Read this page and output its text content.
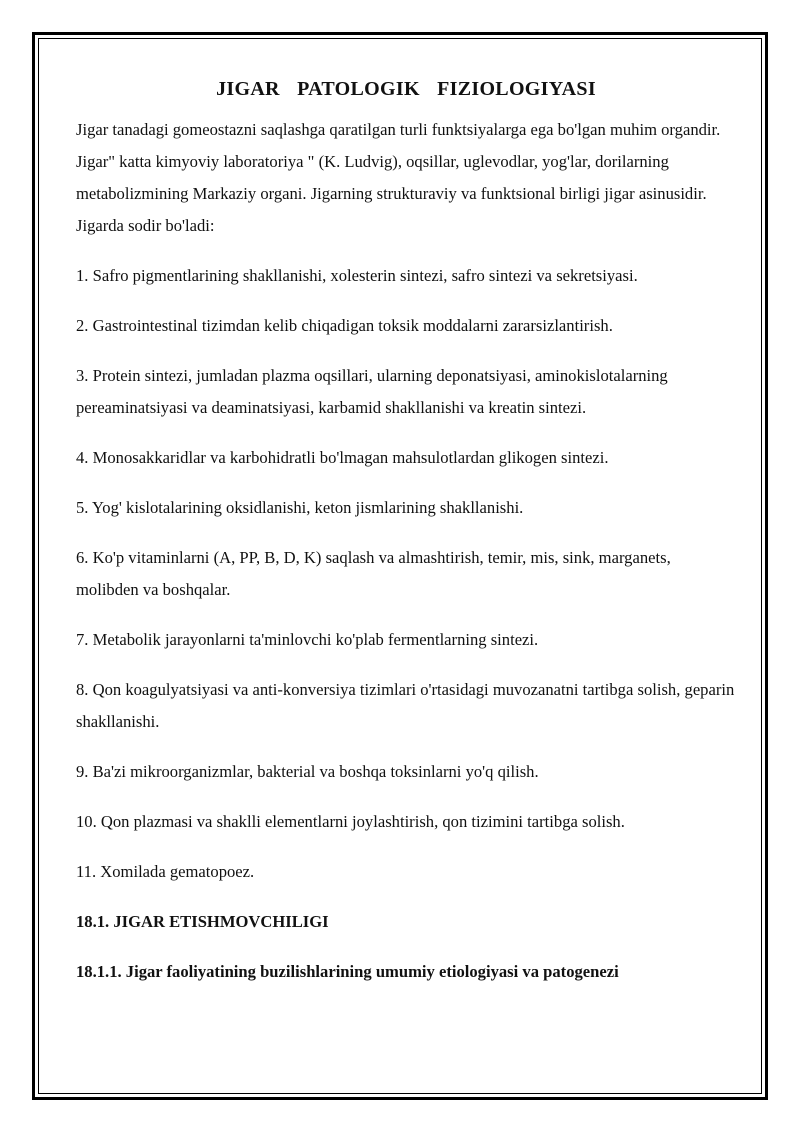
JIGAR PATOLOGIK FIZIOLOGIYASI

Jigar tanadagi gomeostazni saqlashga qaratilgan turli funktsiyalarga ega bo'lgan muhim organdir. Jigar" katta kimyoviy laboratoriya " (K. Ludvig), oqsillar, uglevodlar, yog'lar, dorilarning metabolizmining Markaziy organi. Jigarning strukturaviy va funktsional birligi jigar asinusidir. Jigarda sodir bo'ladi:

1. Safro pigmentlarining shakllanishi, xolesterin sintezi, safro sintezi va sekretsiyasi.

2. Gastrointestinal tizimdan kelib chiqadigan toksik moddalarni zararsizlantirish.

3. Protein sintezi, jumladan plazma oqsillari, ularning deponatsiyasi, aminokislotalarning pereaminatsiyasi va deaminatsiyasi, karbamid shakllanishi va kreatin sintezi.

4. Monosakkaridlar va karbohidratli bo'lmagan mahsulotlardan glikogen sintezi.

5. Yog' kislotalarining oksidlanishi, keton jismlarining shakllanishi.

6. Ko'p vitaminlarni (A, PP, B, D, K) saqlash va almashtirish, temir, mis, sink, marganets, molibden va boshqalar.

7. Metabolik jarayonlarni ta'minlovchi ko'plab fermentlarning sintezi.

8. Qon koagulyatsiyasi va anti-konversiya tizimlari o'rtasidagi muvozanatni tartibga solish, geparin shakllanishi.

9. Ba'zi mikroorganizmlar, bakterial va boshqa toksinlarni yo'q qilish.

10. Qon plazmasi va shaklli elementlarni joylashtirish, qon tizimini tartibga solish.

11. Xomilada gematopoez.

18.1. JIGAR ETISHMOVCHILIGI

18.1.1. Jigar faoliyatining buzilishlarining umumiy etiologiyasi va patogenezi
